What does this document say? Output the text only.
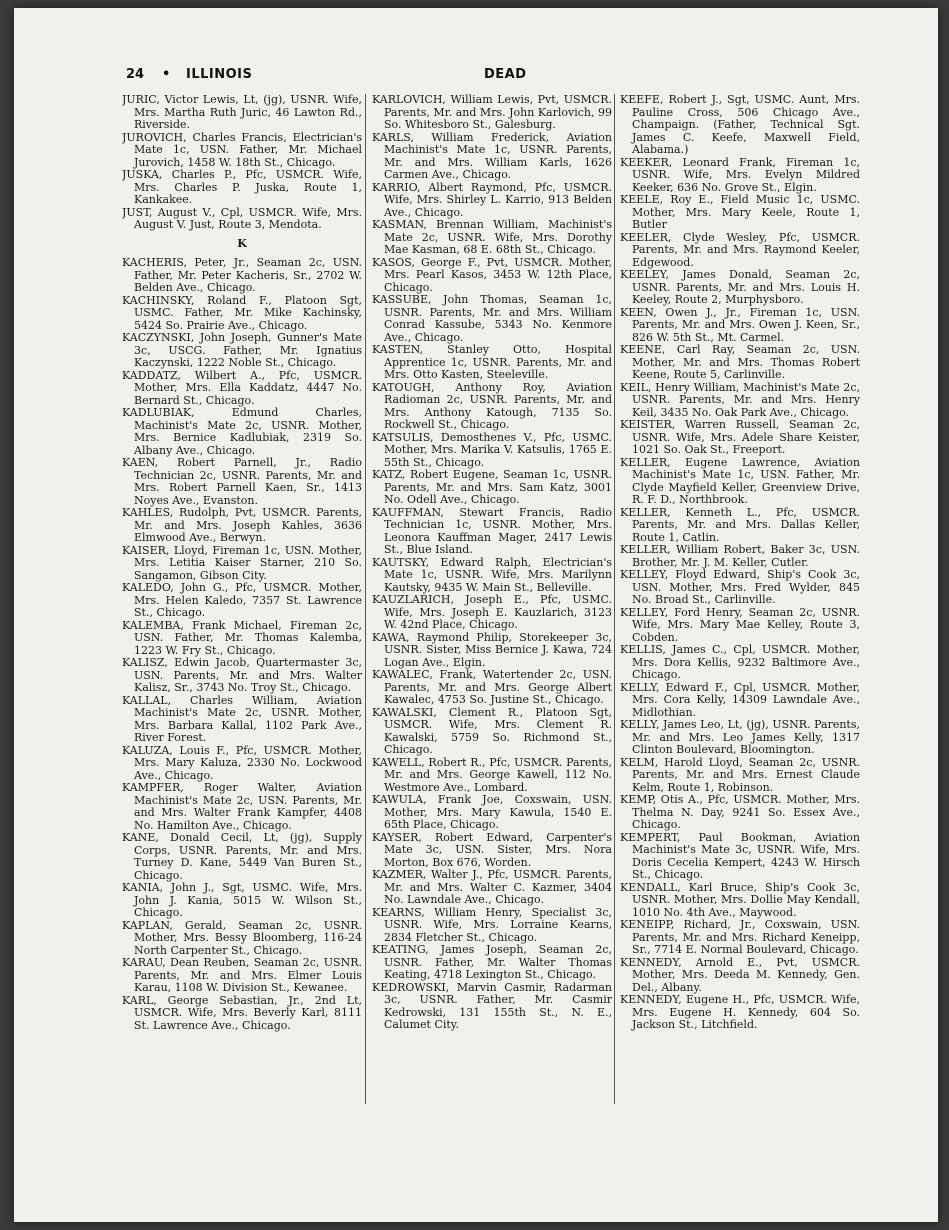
24 • ILLINOIS	DEAD

JURIC, Victor Lewis, Lt, (jg), USNR. Wife, Mrs. Martha Ruth Juric, 46 Lawton Rd., Riverside.

JUROVICH, Charles Francis, Electrician's Mate 1c, USN. Father, Mr. Michael Jurovich, 1458 W. 18th St., Chicago.

JUSKA, Charles P., Pfc, USMCR. Wife, Mrs. Charles P. Juska, Route 1, Kankakee.

JUST, August V., Cpl, USMCR. Wife, Mrs. August V. Just, Route 3, Mendota.

K

KACHERIS, Peter, Jr., Seaman 2c, USN. Father, Mr. Peter Kacheris, Sr., 2702 W. Belden Ave., Chicago.

KACHINSKY, Roland F., Platoon Sgt, USMC. Father, Mr. Mike Kachinsky, 5424 So. Prairie Ave., Chicago.

KACZYNSKI, John Joseph, Gunner's Mate 3c, USCG. Father, Mr. Ignatius Kaczynski, 1222 Noble St., Chicago.

KADDATZ, Wilbert A., Pfc, USMCR. Mother, Mrs. Ella Kaddatz, 4447 No. Bernard St., Chicago.

KADLUBIAK, Edmund Charles, Machinist's Mate 2c, USNR. Mother, Mrs. Bernice Kadlubiak, 2319 So. Albany Ave., Chicago.

KAEN, Robert Parnell, Jr., Radio Technician 2c, USNR. Parents, Mr. and Mrs. Robert Parnell Kaen, Sr., 1413 Noyes Ave., Evanston.

KAHLES, Rudolph, Pvt, USMCR. Parents, Mr. and Mrs. Joseph Kahles, 3636 Elmwood Ave., Berwyn.

KAISER, Lloyd, Fireman 1c, USN. Mother, Mrs. Letitia Kaiser Starner, 210 So. Sangamon, Gibson City.

KALEDO, John G., Pfc, USMCR. Mother, Mrs. Helen Kaledo, 7357 St. Lawrence St., Chicago.

KALEMBA, Frank Michael, Fireman 2c, USN. Father, Mr. Thomas Kalemba, 1223 W. Fry St., Chicago.

KALISZ, Edwin Jacob, Quartermaster 3c, USN. Parents, Mr. and Mrs. Walter Kalisz, Sr., 3743 No. Troy St., Chicago.

KALLAL, Charles William, Aviation Machinist's Mate 2c, USNR. Mother, Mrs. Barbara Kallal, 1102 Park Ave., River Forest.

KALUZA, Louis F., Pfc, USMCR. Mother, Mrs. Mary Kaluza, 2330 No. Lockwood Ave., Chicago.

KAMPFER, Roger Walter, Aviation Machinist's Mate 2c, USN. Parents, Mr. and Mrs. Walter Frank Kampfer, 4408 No. Hamilton Ave., Chicago.

KANE, Donald Cecil, Lt, (jg), Supply Corps, USNR. Parents, Mr. and Mrs. Turney D. Kane, 5449 Van Buren St., Chicago.

KANIA, John J., Sgt, USMC. Wife, Mrs. John J. Kania, 5015 W. Wilson St., Chicago.

KAPLAN, Gerald, Seaman 2c, USNR. Mother, Mrs. Bessy Bloomberg, 116-24 North Carpenter St., Chicago.

KARAU, Dean Reuben, Seaman 2c, USNR. Parents, Mr. and Mrs. Elmer Louis Karau, 1108 W. Division St., Kewanee.

KARL, George Sebastian, Jr., 2nd Lt, USMCR. Wife, Mrs. Beverly Karl, 8111 St. Lawrence Ave., Chicago.

KARLOVICH, William Lewis, Pvt, USMCR. Parents, Mr. and Mrs. John Karlovich, 99 So. Whitesboro St., Galesburg.

KARLS, William Frederick, Aviation Machinist's Mate 1c, USNR. Parents, Mr. and Mrs. William Karls, 1626 Carmen Ave., Chicago.

KARRIO, Albert Raymond, Pfc, USMCR. Wife, Mrs. Shirley L. Karrio, 913 Belden Ave., Chicago.

KASMAN, Brennan William, Machinist's Mate 2c, USNR. Wife, Mrs. Dorothy Mae Kasman, 68 E. 68th St., Chicago.

KASOS, George F., Pvt, USMCR. Mother, Mrs. Pearl Kasos, 3453 W. 12th Place, Chicago.

KASSUBE, John Thomas, Seaman 1c, USNR. Parents, Mr. and Mrs. William Conrad Kassube, 5343 No. Kenmore Ave., Chicago.

KASTEN, Stanley Otto, Hospital Apprentice 1c, USNR. Parents, Mr. and Mrs. Otto Kasten, Steeleville.

KATOUGH, Anthony Roy, Aviation Radioman 2c, USNR. Parents, Mr. and Mrs. Anthony Katough, 7135 So. Rockwell St., Chicago.

KATSULIS, Demosthenes V., Pfc, USMC. Mother, Mrs. Marika V. Katsulis, 1765 E. 55th St., Chicago.

KATZ, Robert Eugene, Seaman 1c, USNR. Parents, Mr. and Mrs. Sam Katz, 3001 No. Odell Ave., Chicago.

KAUFFMAN, Stewart Francis, Radio Technician 1c, USNR. Mother, Mrs. Leonora Kauffman Mager, 2417 Lewis St., Blue Island.

KAUTSKY, Edward Ralph, Electrician's Mate 1c, USNR. Wife, Mrs. Marilynn Kautsky, 9435 W. Main St., Belleville.

KAUZLARICH, Joseph E., Pfc, USMC. Wife, Mrs. Joseph E. Kauzlarich, 3123 W. 42nd Place, Chicago.

KAWA, Raymond Philip, Storekeeper 3c, USNR. Sister, Miss Bernice J. Kawa, 724 Logan Ave., Elgin.

KAWALEC, Frank, Watertender 2c, USN. Parents, Mr. and Mrs. George Albert Kawalec, 4753 So. Justine St., Chicago.

KAWALSKI, Clement R., Platoon Sgt, USMCR. Wife, Mrs. Clement R. Kawalski, 5759 So. Richmond St., Chicago.

KAWELL, Robert R., Pfc, USMCR. Parents, Mr. and Mrs. George Kawell, 112 No. Westmore Ave., Lombard.

KAWULA, Frank Joe, Coxswain, USN. Mother, Mrs. Mary Kawula, 1540 E. 65th Place, Chicago.

KAYSER, Robert Edward, Carpenter's Mate 3c, USN. Sister, Mrs. Nora Morton, Box 676, Worden.

KAZMER, Walter J., Pfc, USMCR. Parents, Mr. and Mrs. Walter C. Kazmer, 3404 No. Lawndale Ave., Chicago.

KEARNS, William Henry, Specialist 3c, USNR. Wife, Mrs. Lorraine Kearns, 2834 Fletcher St., Chicago.

KEATING, James Joseph, Seaman 2c, USNR. Father, Mr. Walter Thomas Keating, 4718 Lexington St., Chicago.

KEDROWSKI, Marvin Casmir, Radarman 3c, USNR. Father, Mr. Casmir Kedrowski, 131 155th St., N. E., Calumet City.

KEEFE, Robert J., Sgt, USMC. Aunt, Mrs. Pauline Cross, 506 Chicago Ave., Champaign. (Father, Technical Sgt. James C. Keefe, Maxwell Field, Alabama.)

KEEKER, Leonard Frank, Fireman 1c, USNR. Wife, Mrs. Evelyn Mildred Keeker, 636 No. Grove St., Elgin.

KEELE, Roy E., Field Music 1c, USMC. Mother, Mrs. Mary Keele, Route 1, Butler

KEELER, Clyde Wesley, Pfc, USMCR. Parents, Mr. and Mrs. Raymond Keeler, Edgewood.

KEELEY, James Donald, Seaman 2c, USNR. Parents, Mr. and Mrs. Louis H. Keeley, Route 2, Murphysboro.

KEEN, Owen J., Jr., Fireman 1c, USN. Parents, Mr. and Mrs. Owen J. Keen, Sr., 826 W. 5th St., Mt. Carmel.

KEENE, Carl Ray, Seaman 2c, USN. Mother, Mr. and Mrs. Thomas Robert Keene, Route 5, Carlinville.

KEIL, Henry William, Machinist's Mate 2c, USNR. Parents, Mr. and Mrs. Henry Keil, 3435 No. Oak Park Ave., Chicago.

KEISTER, Warren Russell, Seaman 2c, USNR. Wife, Mrs. Adele Share Keister, 1021 So. Oak St., Freeport.

KELLER, Eugene Lawrence, Aviation Machinist's Mate 1c, USN. Father, Mr. Clyde Mayfield Keller, Greenview Drive, R. F. D., Northbrook.

KELLER, Kenneth L., Pfc, USMCR. Parents, Mr. and Mrs. Dallas Keller, Route 1, Catlin.

KELLER, William Robert, Baker 3c, USN. Brother, Mr. J. M. Keller, Cutler.

KELLEY, Floyd Edward, Ship's Cook 3c, USN. Mother, Mrs. Fred Wylder, 845 No. Broad St., Carlinville.

KELLEY, Ford Henry, Seaman 2c, USNR. Wife, Mrs. Mary Mae Kelley, Route 3, Cobden.

KELLIS, James C., Cpl, USMCR. Mother, Mrs. Dora Kellis, 9232 Baltimore Ave., Chicago.

KELLY, Edward F., Cpl, USMCR. Mother, Mrs. Cora Kelly, 14309 Lawndale Ave., Midlothian.

KELLY, James Leo, Lt, (jg), USNR. Parents, Mr. and Mrs. Leo James Kelly, 1317 Clinton Boulevard, Bloomington.

KELM, Harold Lloyd, Seaman 2c, USNR. Parents, Mr. and Mrs. Ernest Claude Kelm, Route 1, Robinson.

KEMP, Otis A., Pfc, USMCR. Mother, Mrs. Thelma N. Day, 9241 So. Essex Ave., Chicago.

KEMPERT, Paul Bookman, Aviation Machinist's Mate 3c, USNR. Wife, Mrs. Doris Cecelia Kempert, 4243 W. Hirsch St., Chicago.

KENDALL, Karl Bruce, Ship's Cook 3c, USNR. Mother, Mrs. Dollie May Kendall, 1010 No. 4th Ave., Maywood.

KENEIPP, Richard, Jr., Coxswain, USN. Parents, Mr. and Mrs. Richard Keneipp, Sr., 7714 E. Normal Boulevard, Chicago.

KENNEDY, Arnold E., Pvt, USMCR. Mother, Mrs. Deeda M. Kennedy, Gen. Del., Albany.

KENNEDY, Eugene H., Pfc, USMCR. Wife, Mrs. Eugene H. Kennedy, 604 So. Jackson St., Litchfield.
